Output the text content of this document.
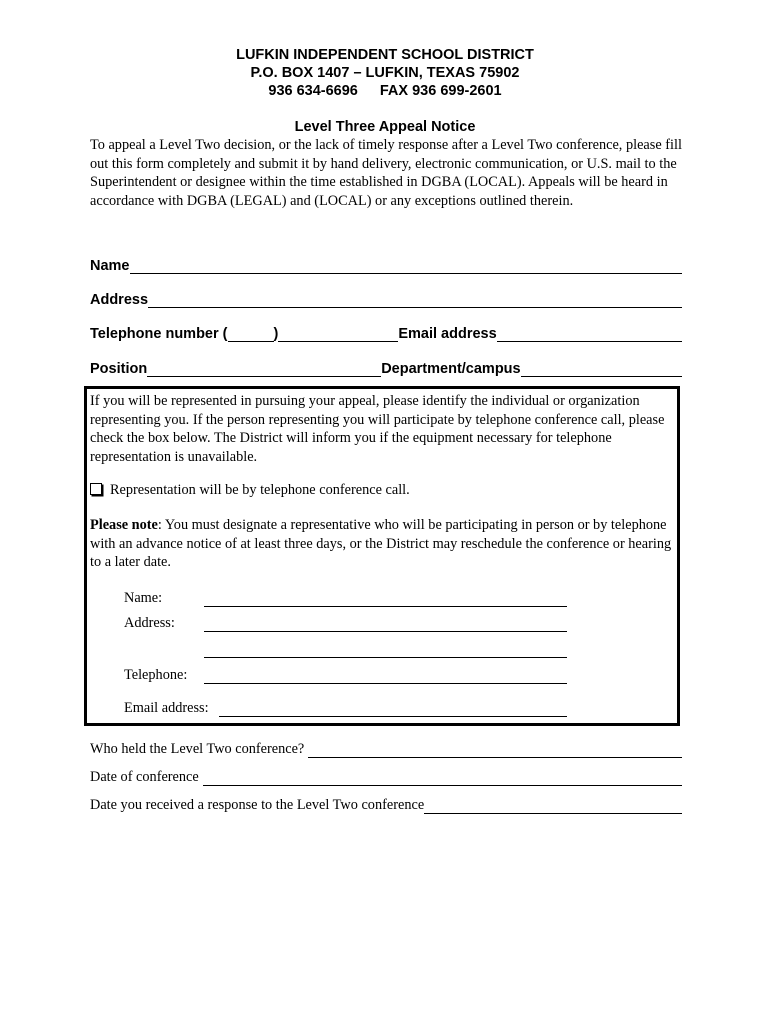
LUFKIN INDEPENDENT SCHOOL DISTRICT
P.O. BOX 1407 – LUFKIN, TEXAS 75902
936 634-6696 FAX 936 699-2601
Level Three Appeal Notice
To appeal a Level Two decision, or the lack of timely response after a Level Two conference, please fill out this form completely and submit it by hand delivery, electronic communication, or U.S. mail to the Superintendent or designee within the time established in DGBA (LOCAL). Appeals will be heard in accordance with DGBA (LEGAL) and (LOCAL) or any exceptions outlined therein.
Name
Address
Telephone number (	)	Email address
Position	Department/campus
If you will be represented in pursuing your appeal, please identify the individual or organization representing you. If the person representing you will participate by telephone conference call, please check the box below. The District will inform you if the equipment necessary for telephone representation is unavailable.
Representation will be by telephone conference call.
Please note: You must designate a representative who will be participating in person or by telephone with an advance notice of at least three days, or the District may reschedule the conference or hearing to a later date.
Name:
Address:
Telephone:
Email address:
Who held the Level Two conference?
Date of conference
Date you received a response to the Level Two conference
